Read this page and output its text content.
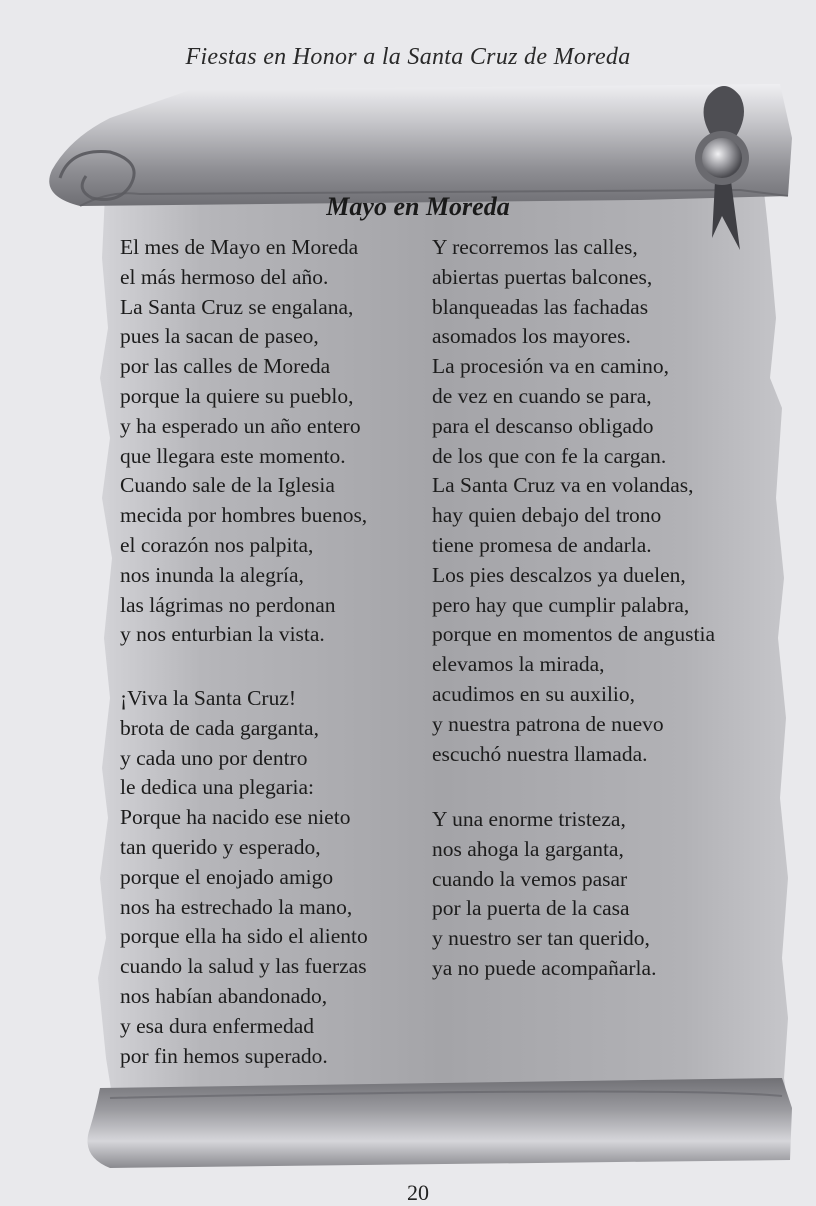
Fiestas en Honor a la Santa Cruz de Moreda
Mayo en Moreda
El mes de Mayo en Moreda
el más hermoso del año.
La Santa Cruz se engalana,
pues la sacan de paseo,
por las calles de Moreda
porque la quiere su pueblo,
y ha esperado un año entero
que llegara este momento.
Cuando sale de la Iglesia
mecida por hombres buenos,
el corazón nos palpita,
nos inunda la alegría,
las lágrimas no perdonan
y nos enturbian la vista.
¡Viva la Santa Cruz!
brota de cada garganta,
y cada uno por dentro
le dedica una plegaria:
Porque ha nacido ese nieto
tan querido y esperado,
porque el enojado amigo
nos ha estrechado la mano,
porque ella ha sido el aliento
cuando la salud y las fuerzas
nos habían abandonado,
y esa dura enfermedad
por fin hemos superado.
Y recorremos las calles,
abiertas puertas balcones,
blanqueadas las fachadas
asomados los mayores.
La procesión va en camino,
de vez en cuando se para,
para el descanso obligado
de los que con fe la cargan.
La Santa Cruz va en volandas,
hay quien debajo del trono
tiene promesa de andarla.
Los pies descalzos ya duelen,
pero hay que cumplir palabra,
porque en momentos de angustia
elevamos la mirada,
acudimos en su auxilio,
y nuestra patrona de nuevo
escuchó nuestra llamada.
Y una enorme tristeza,
nos ahoga la garganta,
cuando la vemos pasar
por la puerta de la casa
y nuestro ser tan querido,
ya no puede acompañarla.
20
